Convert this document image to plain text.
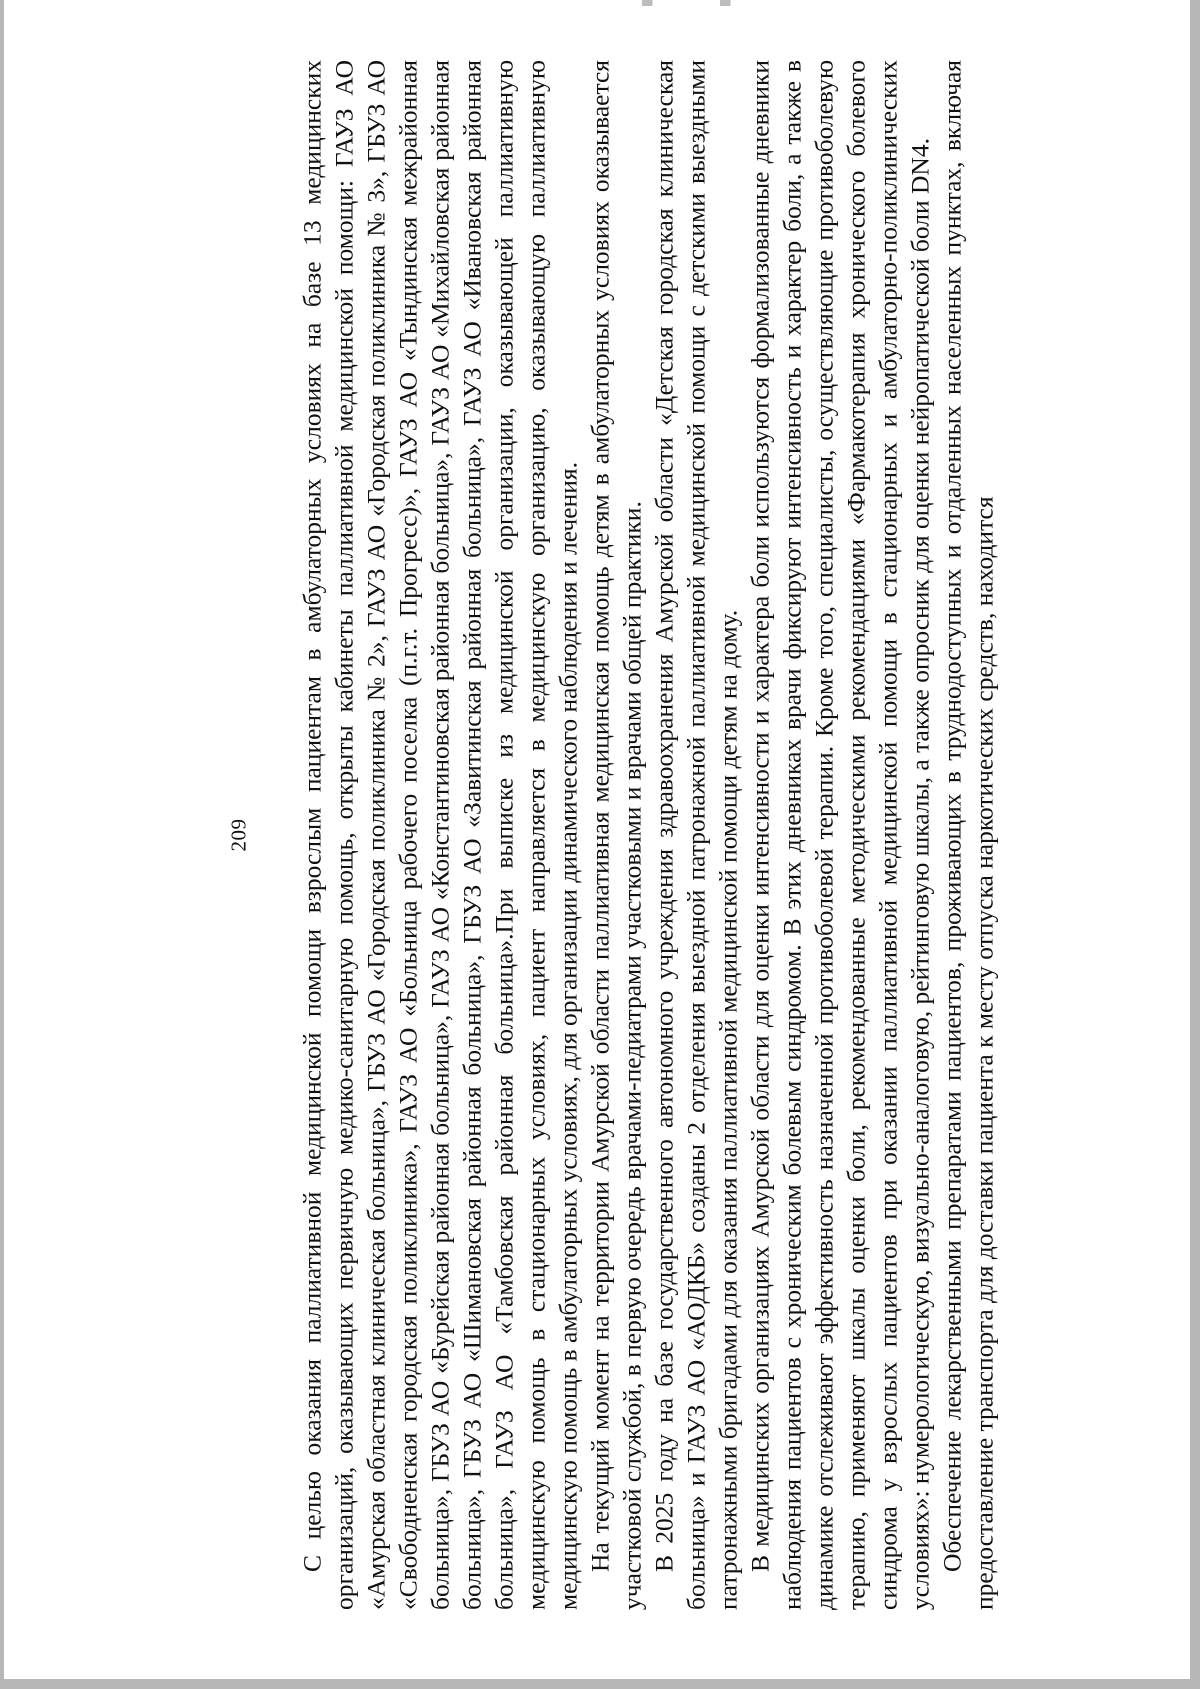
209 С целью оказания паллиативной медицинской помощи взрослым пациентам в амбулаторных условиях на базе 13 медицинских организаций, оказывающих первичную медико-санитарную помощь, открыты кабинеты паллиативной медицинской помощи: ГАУЗ АО «Амурская областная клиническая больница», ГБУЗ АО «Городская поликлиника № 2», ГАУЗ АО «Городская поликлиника № 3», ГБУЗ АО «Свободненская городская поликлиника», ГАУЗ АО «Больница рабочего поселка (п.г.т. Прогресс)», ГАУЗ АО «Тындинская межрайонная больница», ГБУЗ АО «Бурейская районная больница», ГАУЗ АО «Константиновская районная больница», ГАУЗ АО «Михайловская районная больница», ГБУЗ АО «Шимановская районная больница», ГБУЗ АО «Завитинская районная больница», ГАУЗ АО «Ивановская районная больница», ГАУЗ АО «Тамбовская районная больница».При выписке из медицинской организации, оказывающей паллиативную медицинскую помощь в стационарных условиях, пациент направляется в медицинскую организацию, оказывающую паллиативную медицинскую помощь в амбулаторных условиях, для организации динамического наблюдения и лечения. На текущий момент на территории Амурской области паллиативная медицинская помощь детям в амбулаторных условиях оказывается участковой службой, в первую очередь врачами-педиатрами участковыми и врачами общей практики. В 2025 году на базе государственного автономного учреждения здравоохранения Амурской области «Детская городская клиническая больница» и ГАУЗ АО «АОДКБ» созданы 2 отделения выездной патронажной паллиативной медицинской помощи с детскими выездными патронажными бригадами для оказания паллиативной медицинской помощи детям на дому. В медицинских организациях Амурской области для оценки интенсивности и характера боли используются формализованные дневники наблюдения пациентов с хроническим болевым синдромом. В этих дневниках врачи фиксируют интенсивность и характер боли, а также в динамике отслеживают эффективность назначенной противоболевой терапии. Кроме того, специалисты, осуществляющие противоболевую терапию, применяют шкалы оценки боли, рекомендованные методическими рекомендациями «Фармакотерапия хронического болевого синдрома у взрослых пациентов при оказании паллиативной медицинской помощи в стационарных и амбулаторно-поликлинических условиях»: нумерологическую, визуально-аналоговую, рейтинговую шкалы, а также опросник для оценки нейропатической боли DN4. Обеспечение лекарственными препаратами пациентов, проживающих в труднодоступных и отдаленных населенных пунктах, включая предоставление транспорта для доставки пациента к месту отпуска наркотических средств, находится
